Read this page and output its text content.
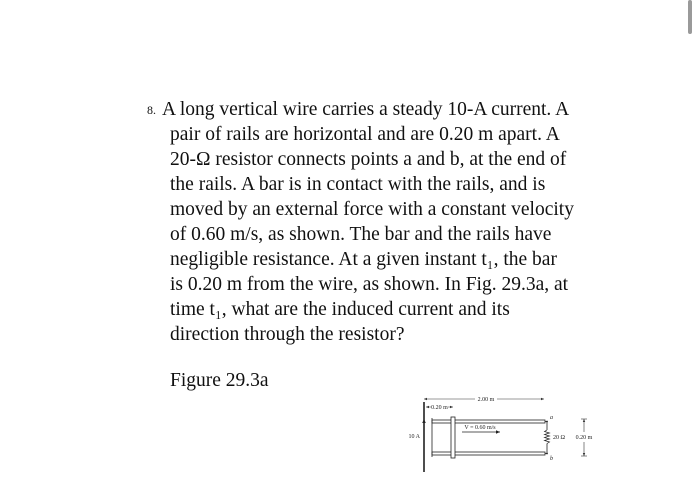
8. A long vertical wire carries a steady 10-A current. A
pair of rails are horizontal and are 0.20 m apart. A
20-Ω resistor connects points a and b, at the end of
the rails. A bar is in contact with the rails, and is
moved by an external force with a constant velocity
of 0.60 m/s, as shown. The bar and the rails have
negligible resistance. At a given instant t₁, the bar
is 0.20 m from the wire, as shown. In Fig. 29.3a, at
time t₁, what are the induced current and its
direction through the resistor?
Figure 29.3a
2.00 m
0.20 m
10 A
V = 0.60 m/s
a
b
20 Ω 0.20 m
